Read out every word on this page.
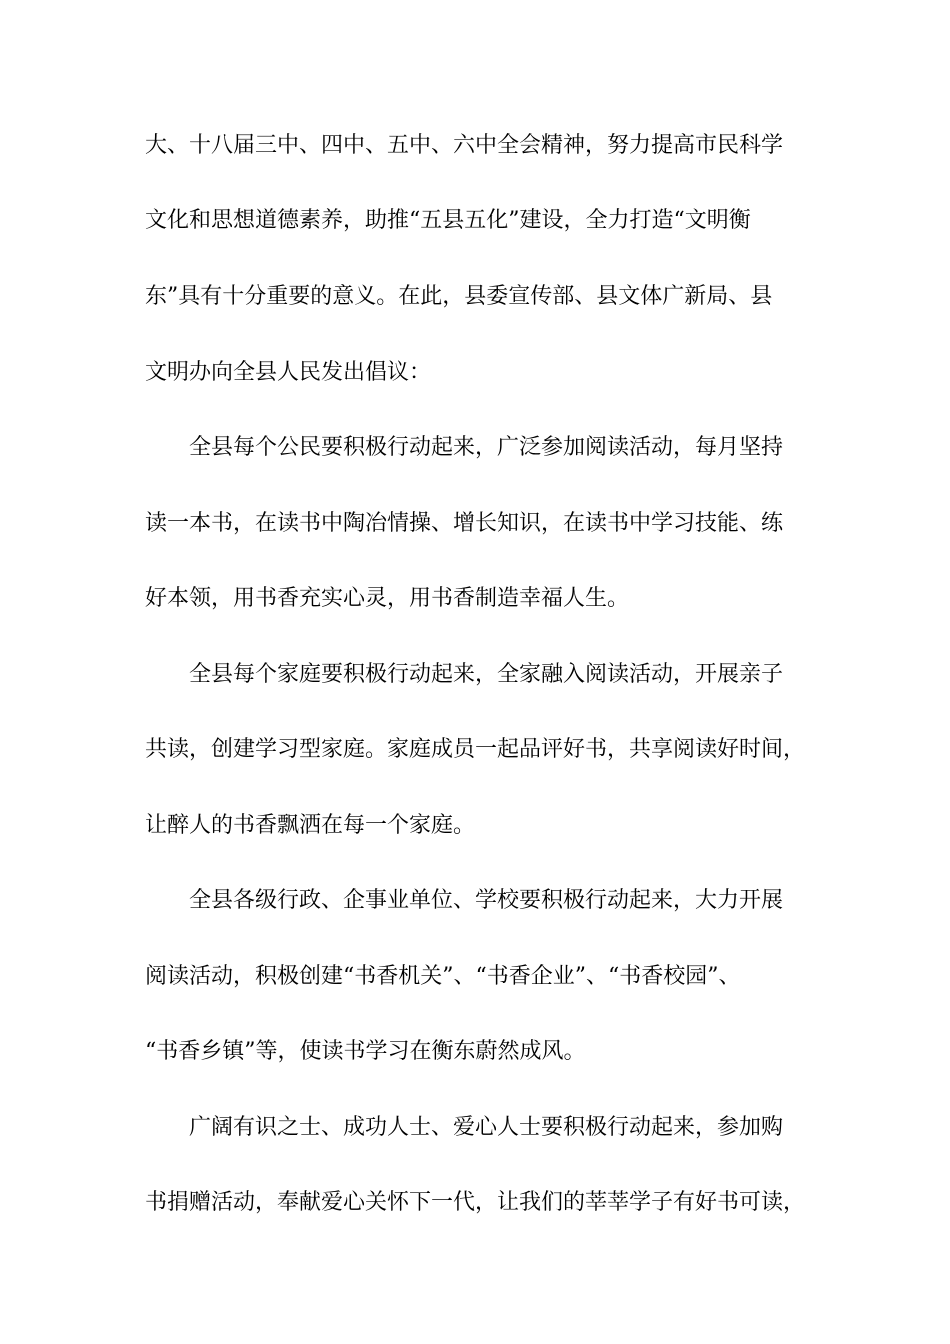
大、十八届三中、四中、五中、六中全会精神，努力提高市民科学
文化和思想道德素养，助推“五县五化”建设，全力打造“文明衡
东”具有十分重要的意义。在此，县委宣传部、县文体广新局、县
文明办向全县人民发出倡议：
全县每个公民要积极行动起来，广泛参加阅读活动，每月坚持
读一本书，在读书中陶冶情操、增长知识，在读书中学习技能、练
好本领，用书香充实心灵，用书香制造幸福人生。
全县每个家庭要积极行动起来，全家融入阅读活动，开展亲子
共读，创建学习型家庭。家庭成员一起品评好书，共享阅读好时间，
让醉人的书香飘洒在每一个家庭。
全县各级行政、企事业单位、学校要积极行动起来，大力开展
阅读活动，积极创建“书香机关”、“书香企业”、“书香校园”、
“书香乡镇”等，使读书学习在衡东蔚然成风。
广阔有识之士、成功人士、爱心人士要积极行动起来，参加购
书捐赠活动，奉献爱心关怀下一代，让我们的莘莘学子有好书可读，
